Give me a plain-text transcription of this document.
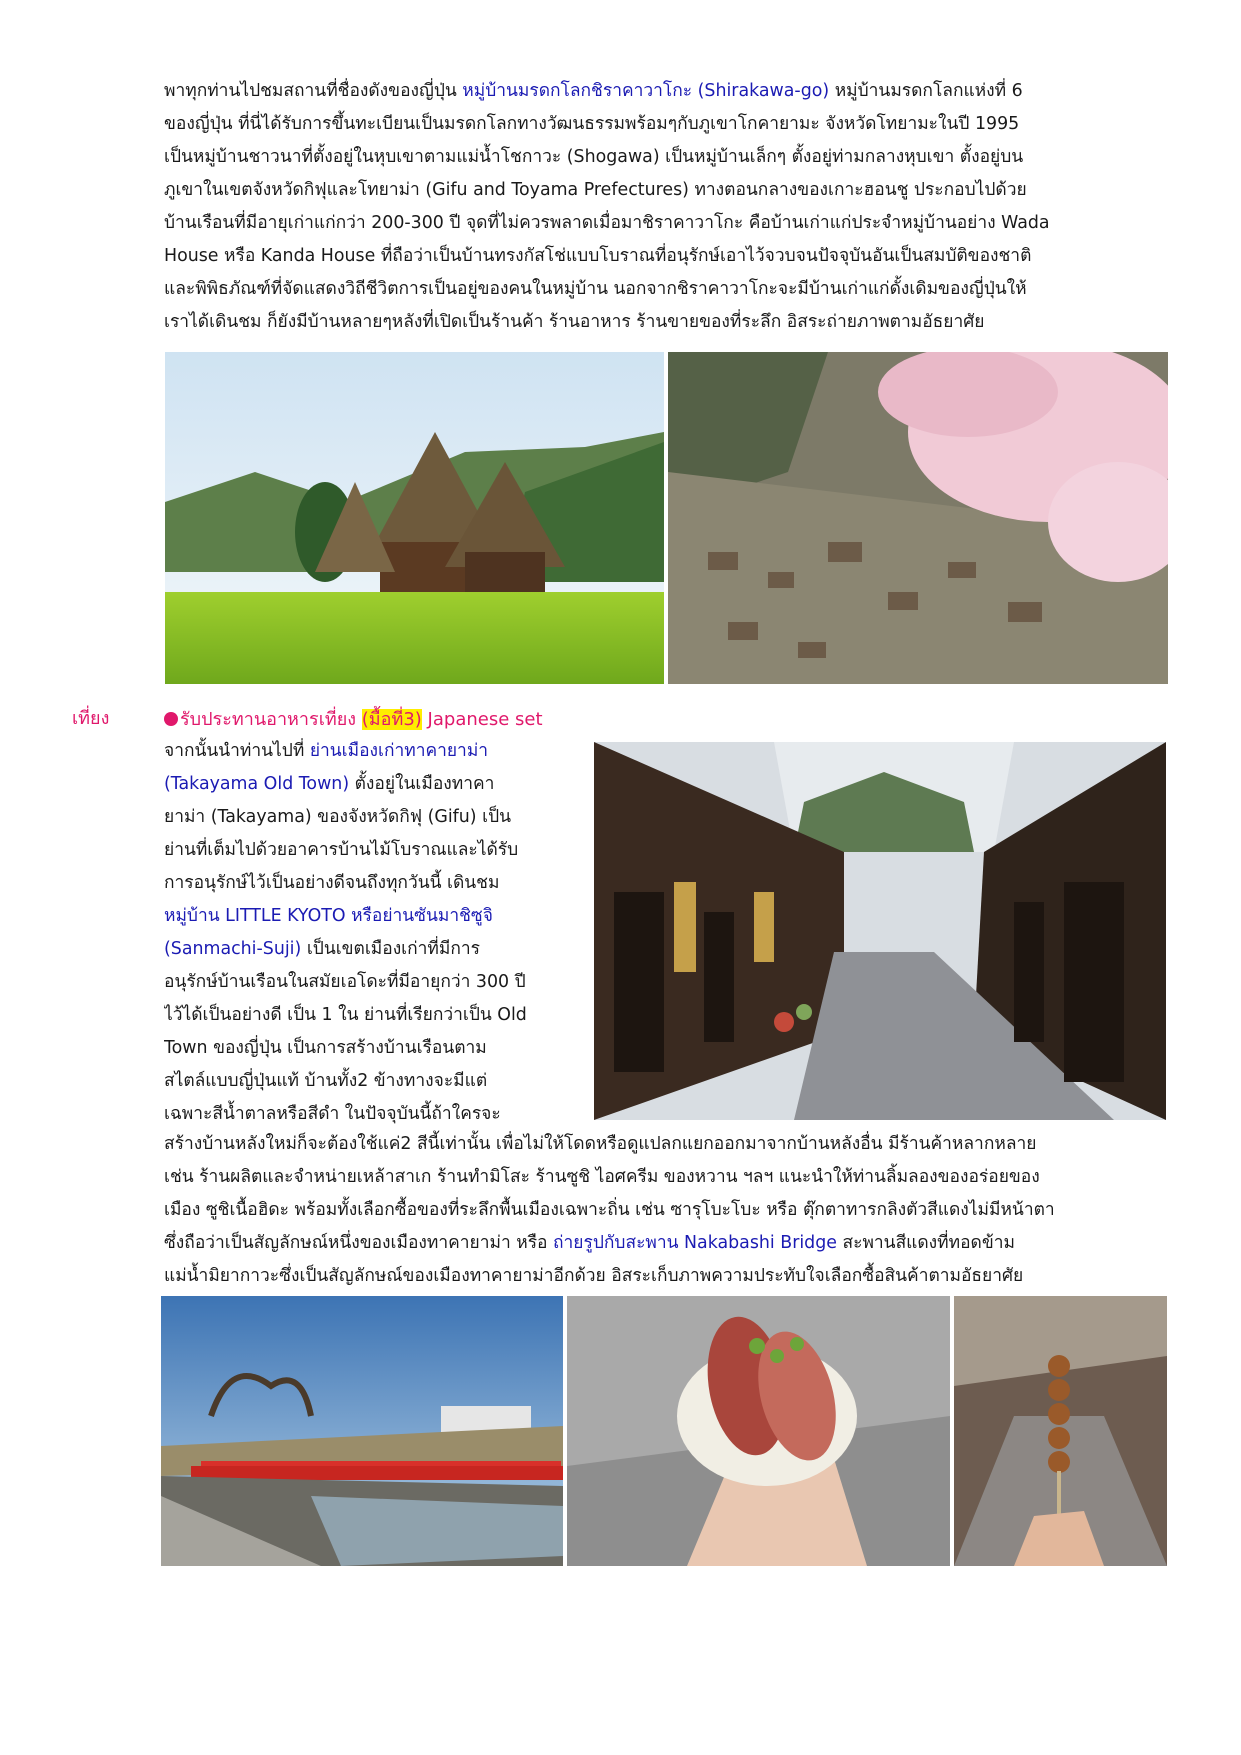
พาทุกท่านไปชมสถานที่ชื่องดังของญี่ปุ่น หมู่บ้านมรดกโลกชิราคาวาโกะ (Shirakawa-go) หมู่บ้านมรดกโลกแห่งที่ 6
ของญี่ปุ่น ที่นี่ได้รับการขึ้นทะเบียนเป็นมรดกโลกทางวัฒนธรรมพร้อมๆกับภูเขาโกคายามะ จังหวัดโทยามะในปี 1995
เป็นหมู่บ้านชาวนาที่ตั้งอยู่ในหุบเขาตามแม่น้ำโชกาวะ (Shogawa) เป็นหมู่บ้านเล็กๆ ตั้งอยู่ท่ามกลางหุบเขา ตั้งอยู่บน
ภูเขาในเขตจังหวัดกิฟุและโทยาม่า (Gifu and Toyama Prefectures) ทางตอนกลางของเกาะฮอนชู ประกอบไปด้วย
บ้านเรือนที่มีอายุเก่าแก่กว่า 200-300 ปี จุดที่ไม่ควรพลาดเมื่อมาชิราคาวาโกะ คือบ้านเก่าแก่ประจำหมู่บ้านอย่าง Wada
House หรือ Kanda House ที่ถือว่าเป็นบ้านทรงกัสโช่แบบโบราณที่อนุรักษ์เอาไว้จวบจนปัจจุบันอันเป็นสมบัติของชาติ
และพิพิธภัณฑ์ที่จัดแสดงวิถีชีวิตการเป็นอยู่ของคนในหมู่บ้าน นอกจากชิราคาวาโกะจะมีบ้านเก่าแก่ดั้งเดิมของญี่ปุ่นให้
เราได้เดินชม ก็ยังมีบ้านหลายๆหลังที่เปิดเป็นร้านค้า ร้านอาหาร ร้านขายของที่ระลึก อิสระถ่ายภาพตามอัธยาศัย
เที่ยง	รับประทานอาหารเที่ยง (มื้อที่3) Japanese set
จากนั้นนำท่านไปที่ ย่านเมืองเก่าทาคายาม่า
(Takayama Old Town) ตั้งอยู่ในเมืองทาคา
ยาม่า (Takayama) ของจังหวัดกิฟุ (Gifu) เป็น
ย่านที่เต็มไปด้วยอาคารบ้านไม้โบราณและได้รับ
การอนุรักษ์ไว้เป็นอย่างดีจนถึงทุกวันนี้ เดินชม
หมู่บ้าน LITTLE KYOTO หรือย่านซันมาชิซูจิ
(Sanmachi-Suji) เป็นเขตเมืองเก่าที่มีการ
อนุรักษ์บ้านเรือนในสมัยเอโดะที่มีอายุกว่า 300 ปี
ไว้ได้เป็นอย่างดี เป็น 1 ใน ย่านที่เรียกว่าเป็น Old
Town ของญี่ปุ่น เป็นการสร้างบ้านเรือนตาม
สไตล์แบบญี่ปุ่นแท้ บ้านทั้ง2 ข้างทางจะมีแต่
เฉพาะสีน้ำตาลหรือสีดำ ในปัจจุบันนี้ถ้าใครจะ
สร้างบ้านหลังใหม่ก็จะต้องใช้แค่2 สีนี้เท่านั้น เพื่อไม่ให้โดดหรือดูแปลกแยกออกมาจากบ้านหลังอื่น มีร้านค้าหลากหลาย
เช่น ร้านผลิตและจำหน่ายเหล้าสาเก ร้านทำมิโสะ ร้านซูชิ ไอศครีม ของหวาน ฯลฯ แนะนำให้ท่านลิ้มลองของอร่อยของ
เมือง ซูชิเนื้อฮิดะ พร้อมทั้งเลือกซื้อของที่ระลึกพื้นเมืองเฉพาะถิ่น เช่น ซารุโบะโบะ หรือ ตุ๊กตาทารกลิงตัวสีแดงไม่มีหน้าตา
ซึ่งถือว่าเป็นสัญลักษณ์หนึ่งของเมืองทาคายาม่า หรือ ถ่ายรูปกับสะพาน Nakabashi Bridge สะพานสีแดงที่ทอดข้าม
แม่น้ำมิยากาวะซึ่งเป็นสัญลักษณ์ของเมืองทาคายาม่าอีกด้วย อิสระเก็บภาพความประทับใจเลือกซื้อสินค้าตามอัธยาศัย
